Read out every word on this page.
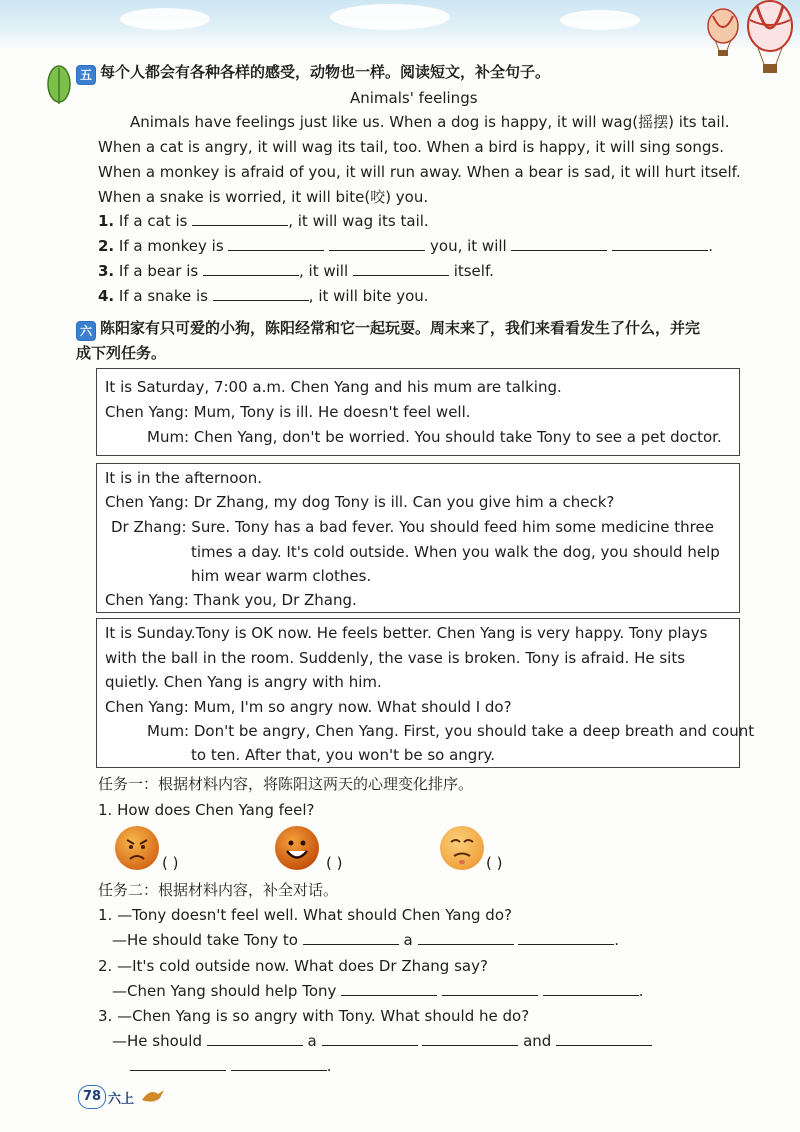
五 每个人都会有各种各样的感受，动物也一样。阅读短文，补全句子。
Animals' feelings
Animals have feelings just like us. When a dog is happy, it will wag(摇摆) its tail.
When a cat is angry, it will wag its tail, too. When a bird is happy, it will sing songs.
When a monkey is afraid of you, it will run away. When a bear is sad, it will hurt itself.
When a snake is worried, it will bite(咬) you.
1. If a cat is	, it will wag its tail.
2. If a monkey is	you, it will	.
3. If a bear is	, it will	itself.
4. If a snake is	, it will bite you.
六 陈阳家有只可爱的小狗，陈阳经常和它一起玩耍。周末来了，我们来看看发生了什么，并完
成下列任务。
It is Saturday, 7:00 a.m. Chen Yang and his mum are talking.
Chen Yang: Mum, Tony is ill. He doesn't feel well.
Mum: Chen Yang, don't be worried. You should take Tony to see a pet doctor.
It is in the afternoon.
Chen Yang: Dr Zhang, my dog Tony is ill. Can you give him a check?
Dr Zhang: Sure. Tony has a bad fever. You should feed him some medicine three
times a day. It's cold outside. When you walk the dog, you should help
him wear warm clothes.
Chen Yang: Thank you, Dr Zhang.
It is Sunday.Tony is OK now. He feels better. Chen Yang is very happy. Tony plays
with the ball in the room. Suddenly, the vase is broken. Tony is afraid. He sits
quietly. Chen Yang is angry with him.
Chen Yang: Mum, I'm so angry now. What should I do?
Mum: Don't be angry, Chen Yang. First, you should take a deep breath and count
to ten. After that, you won't be so angry.
任务一：根据材料内容，将陈阳这两天的心理变化排序。
1. How does Chen Yang feel?
( )	( )	( )
任务二：根据材料内容，补全对话。
1. —Tony doesn't feel well. What should Chen Yang do?
—He should take Tony to	a	.
2. —It's cold outside now. What does Dr Zhang say?
—Chen Yang should help Tony	.
3. —Chen Yang is so angry with Tony. What should he do?
—He should	a	and
.
78 六上
